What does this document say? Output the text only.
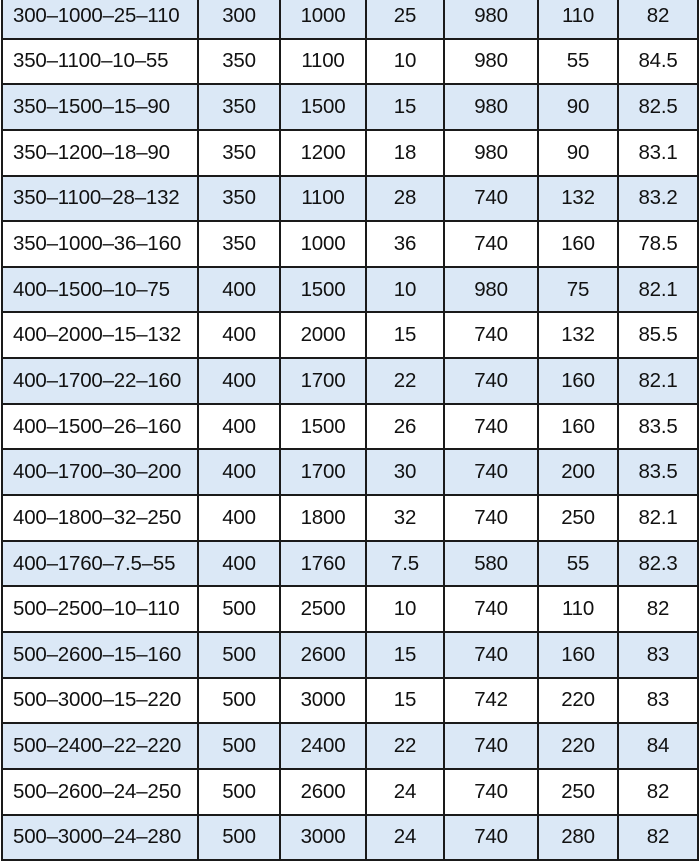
300–1000–25–110	300	1000	25	980	110	82
350–1100–10–55	350	1100	10	980	55	84.5
350–1500–15–90	350	1500	15	980	90	82.5
350–1200–18–90	350	1200	18	980	90	83.1
350–1100–28–132	350	1100	28	740	132	83.2
350–1000–36–160	350	1000	36	740	160	78.5
400–1500–10–75	400	1500	10	980	75	82.1
400–2000–15–132	400	2000	15	740	132	85.5
400–1700–22–160	400	1700	22	740	160	82.1
400–1500–26–160	400	1500	26	740	160	83.5
400–1700–30–200	400	1700	30	740	200	83.5
400–1800–32–250	400	1800	32	740	250	82.1
400–1760–7.5–55	400	1760	7.5	580	55	82.3
500–2500–10–110	500	2500	10	740	110	82
500–2600–15–160	500	2600	15	740	160	83
500–3000–15–220	500	3000	15	742	220	83
500–2400–22–220	500	2400	22	740	220	84
500–2600–24–250	500	2600	24	740	250	82
500–3000–24–280	500	3000	24	740	280	82
